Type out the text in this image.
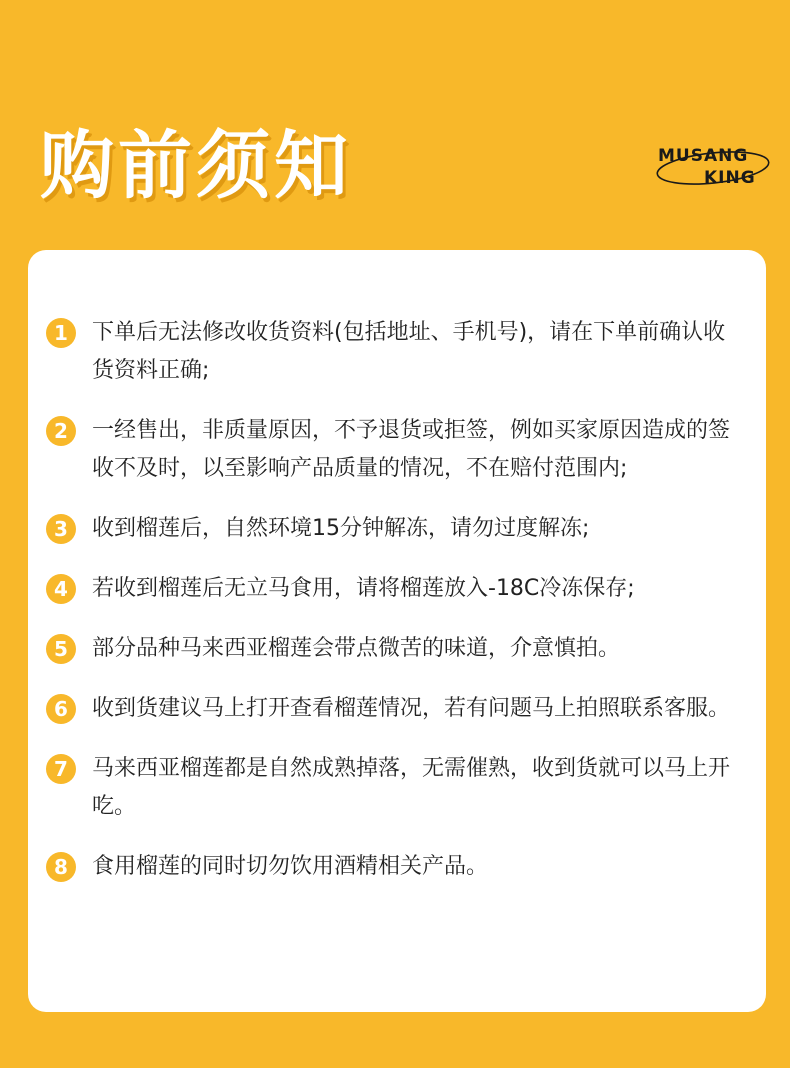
购前须知	MUSANG
KING
1	下单后无法修改收货资料(包括地址、手机号)，请在下单前确认收货资料正确;
2	一经售出，非质量原因，不予退货或拒签，例如买家原因造成的签收不及时，以至影响产品质量的情况，不在赔付范围内;
3	收到榴莲后，自然环境15分钟解冻，请勿过度解冻;
4	若收到榴莲后无立马食用，请将榴莲放入-18C冷冻保存;
5	部分品种马来西亚榴莲会带点微苦的味道，介意慎拍。
6	收到货建议马上打开查看榴莲情况，若有问题马上拍照联系客服。
7	马来西亚榴莲都是自然成熟掉落，无需催熟，收到货就可以马上开吃。
8	食用榴莲的同时切勿饮用酒精相关产品。
